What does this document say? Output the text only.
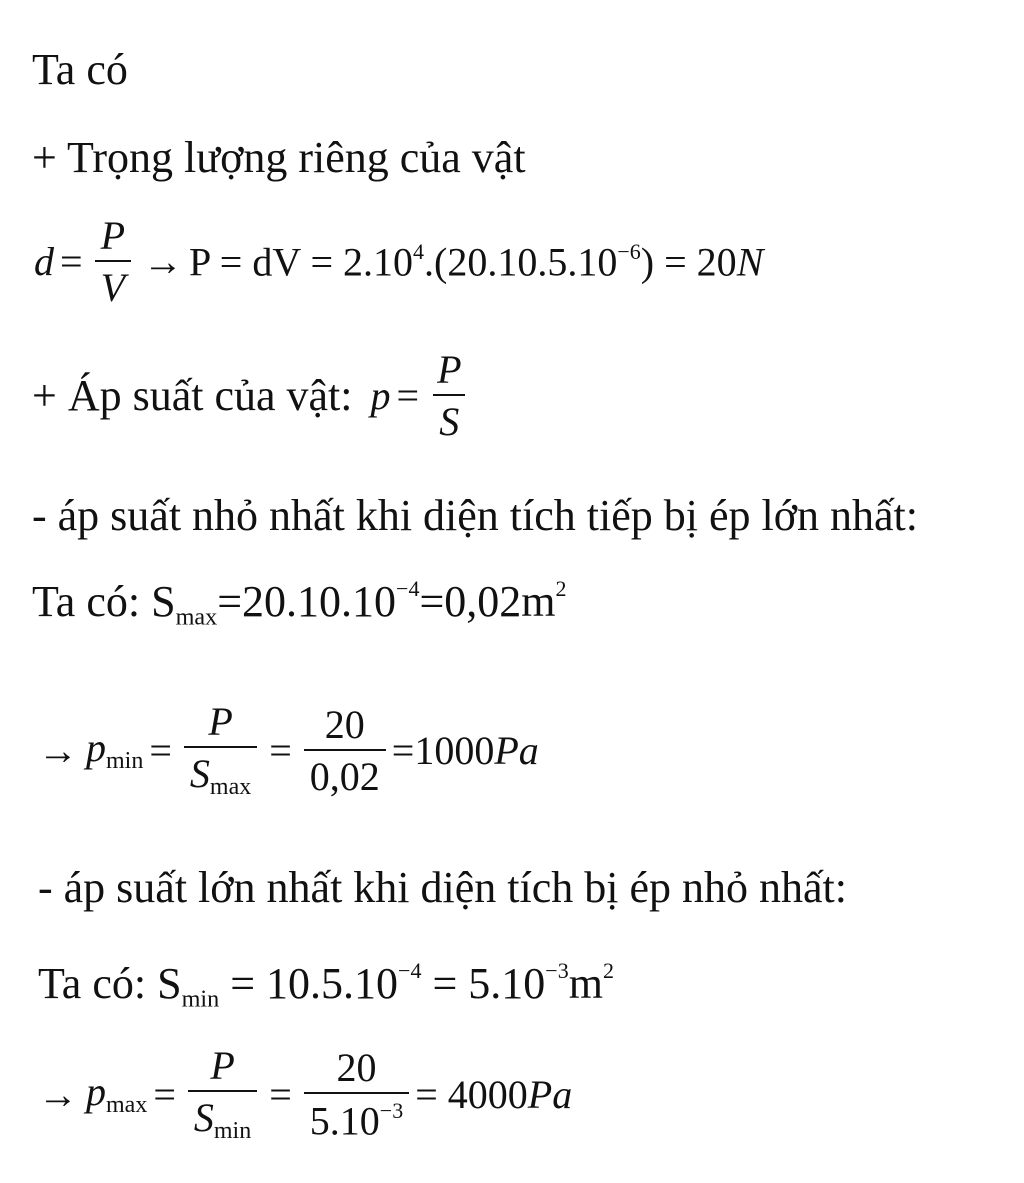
Ta có
+ Trọng lượng riêng của vật
$d = \frac{P}{V} \to P$ = dV = $2.10^4.(20.10.5.10^{-6}) = 20N$
+ Áp suất của vật: $p = \frac{P}{S}$
- áp suất nhỏ nhất khi diện tích tiếp bị ép lớn nhất:
Ta có: $S_{max}=20.10.10^{-4}=0,02m^2$
→ $pmin = \frac{P}{Smax} = \frac{20}{0,02} =1000$ Pa
- áp suất lớn nhất khi diện tích bị ép nhỏ nhất:
Ta có: $S_{min} = 10.5.10^{-4} = 5.10^{-3}m^2$
→ $pmax = \frac{P}{Smin} = \frac{20}{5.10^{-3}} = 4000$ Pa
